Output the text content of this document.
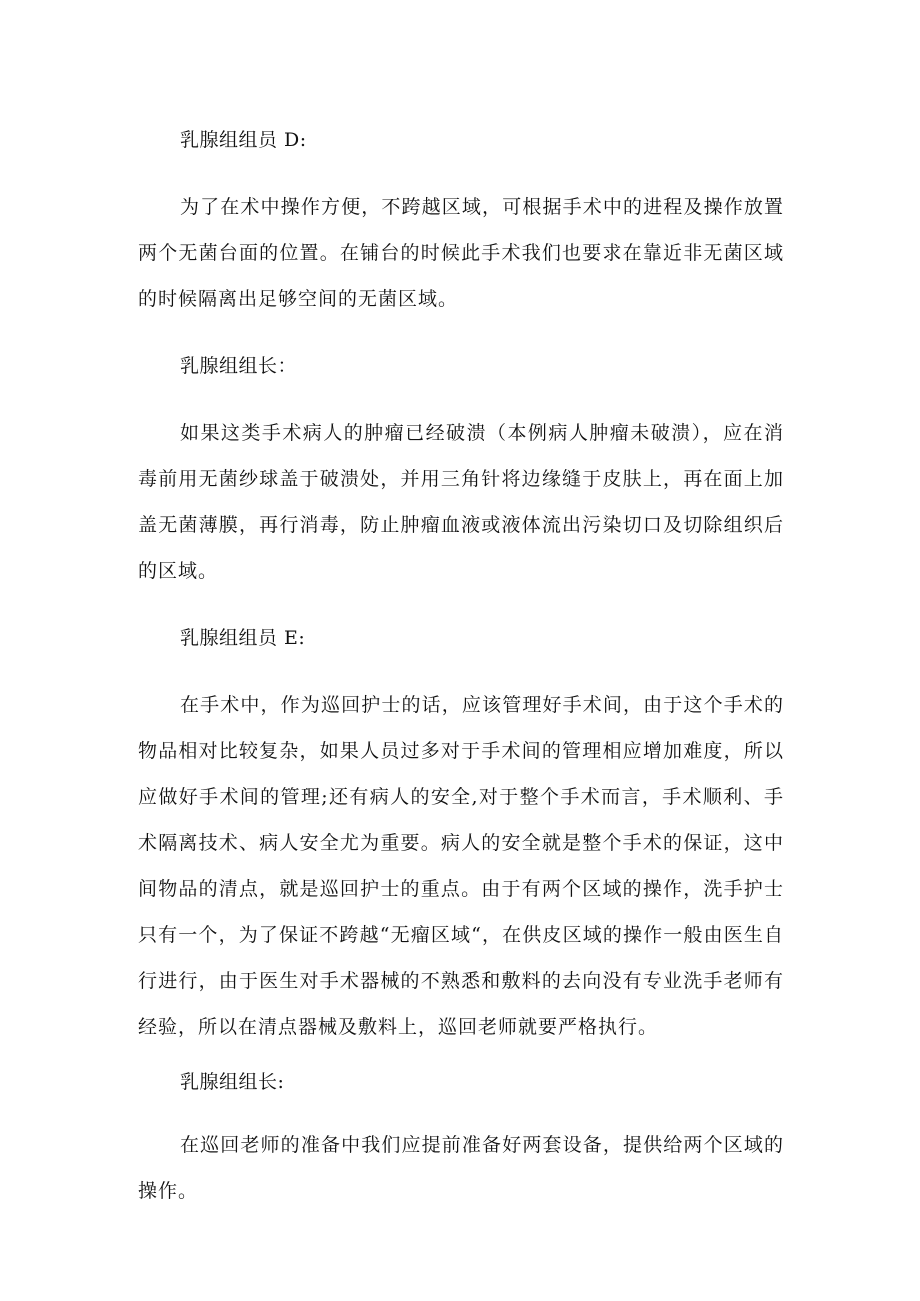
乳腺组组员 D:

为了在术中操作方便，不跨越区域，可根据手术中的进程及操作放置两个无菌台面的位置。在铺台的时候此手术我们也要求在靠近非无菌区域的时候隔离出足够空间的无菌区域。

乳腺组组长：

如果这类手术病人的肿瘤已经破溃（本例病人肿瘤未破溃），应在消毒前用无菌纱球盖于破溃处，并用三角针将边缘缝于皮肤上，再在面上加盖无菌薄膜，再行消毒，防止肿瘤血液或液体流出污染切口及切除组织后的区域。

乳腺组组员 E:

在手术中，作为巡回护士的话，应该管理好手术间，由于这个手术的物品相对比较复杂，如果人员过多对于手术间的管理相应增加难度，所以应做好手术间的管理;还有病人的安全,对于整个手术而言，手术顺利、手术隔离技术、病人安全尤为重要。病人的安全就是整个手术的保证，这中间物品的清点，就是巡回护士的重点。由于有两个区域的操作，洗手护士只有一个，为了保证不跨越“无瘤区域“，在供皮区域的操作一般由医生自行进行，由于医生对手术器械的不熟悉和敷料的去向没有专业洗手老师有经验，所以在清点器械及敷料上，巡回老师就要严格执行。

乳腺组组长:

在巡回老师的准备中我们应提前准备好两套设备，提供给两个区域的操作。
